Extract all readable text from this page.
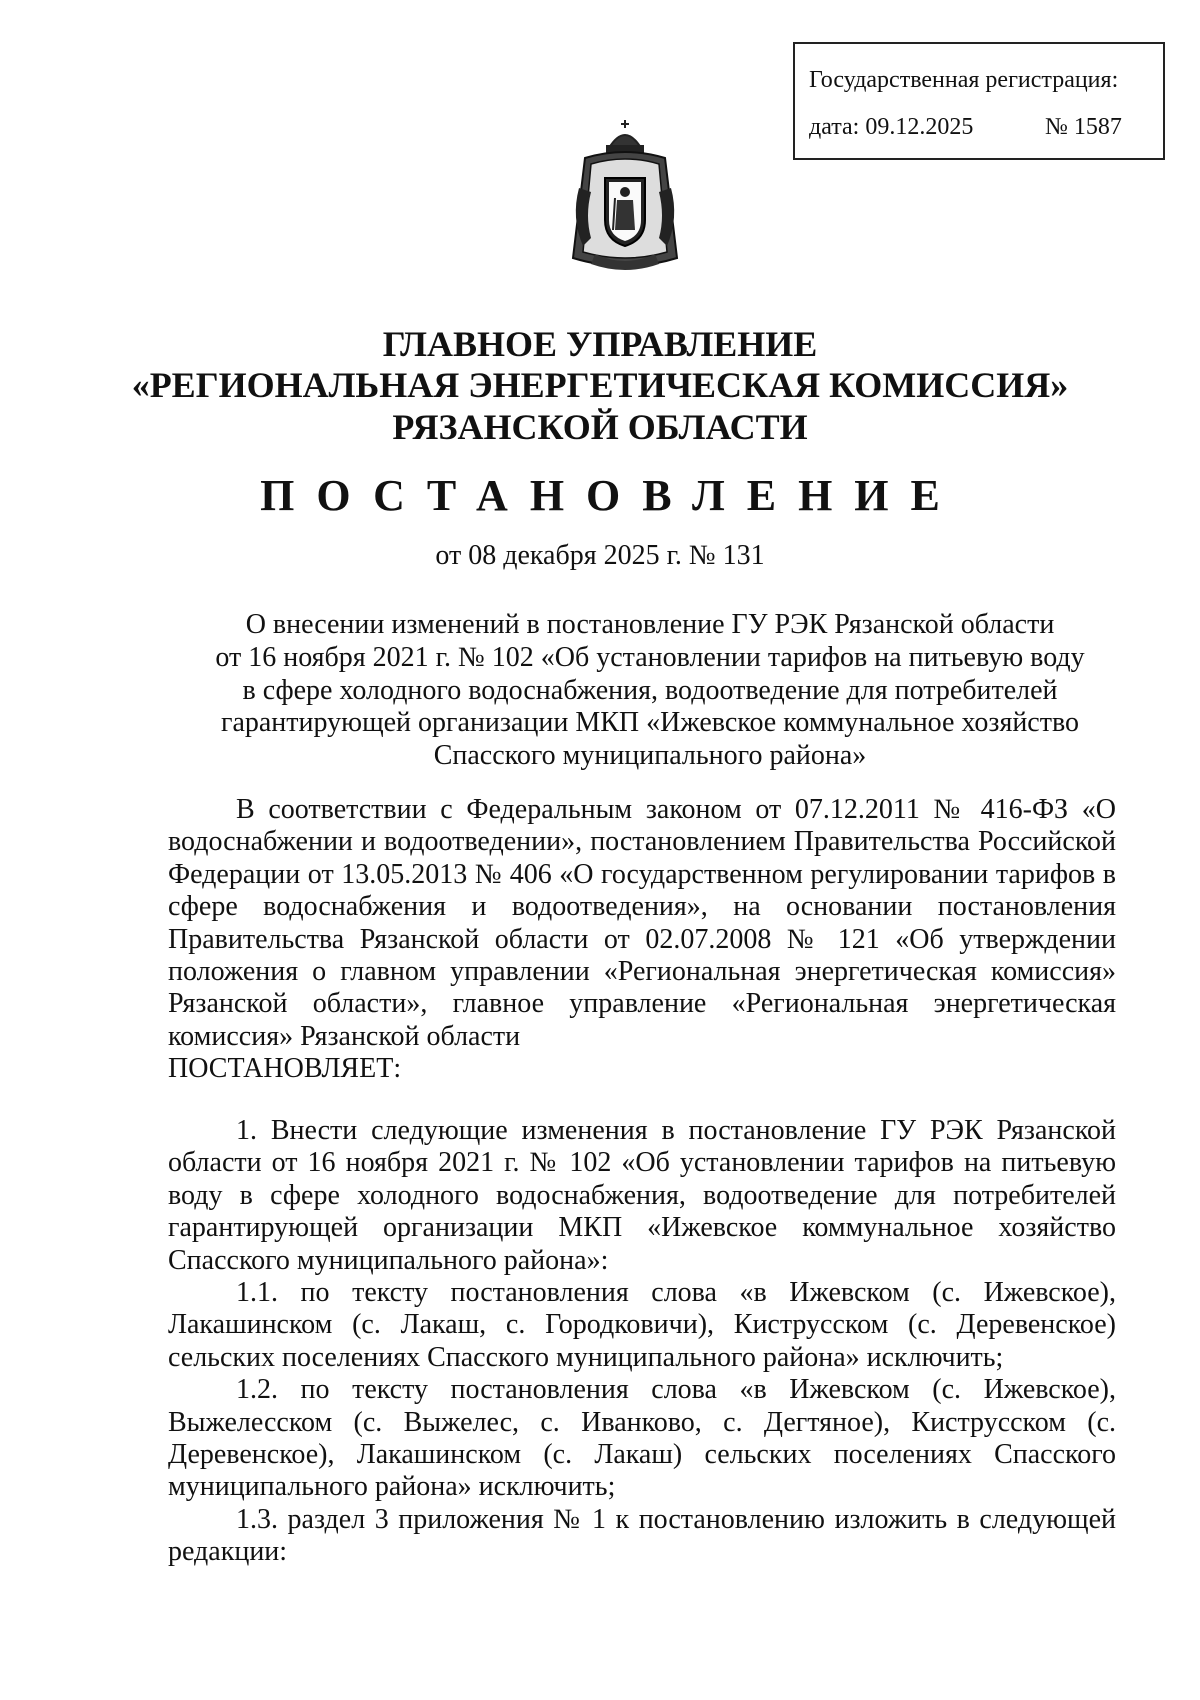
Государственная регистрация:
дата: 09.12.2025	№ 1587
ГЛАВНОЕ УПРАВЛЕНИЕ
«РЕГИОНАЛЬНАЯ ЭНЕРГЕТИЧЕСКАЯ КОМИССИЯ»
РЯЗАНСКОЙ ОБЛАСТИ
ПОСТАНОВЛЕНИЕ
от 08 декабря 2025 г. № 131
О внесении изменений в постановление ГУ РЭК Рязанской области
от 16 ноября 2021 г. № 102 «Об установлении тарифов на питьевую воду
в сфере холодного водоснабжения, водоотведение для потребителей
гарантирующей организации МКП «Ижевское коммунальное хозяйство
Спасского муниципального района»

В соответствии с Федеральным законом от 07.12.2011 № 416-ФЗ «О водоснабжении и водоотведении», постановлением Правительства Российской Федерации от 13.05.2013 № 406 «О государственном регулировании тарифов в сфере водоснабжения и водоотведения», на основании постановления Правительства Рязанской области от 02.07.2008 № 121 «Об утверждении положения о главном управлении «Региональная энергетическая комиссия» Рязанской области», главное управление «Региональная энергетическая комиссия» Рязанской области

ПОСТАНОВЛЯЕТ:

1. Внести следующие изменения в постановление ГУ РЭК Рязанской области от 16 ноября 2021 г. № 102 «Об установлении тарифов на питьевую воду в сфере холодного водоснабжения, водоотведение для потребителей гарантирующей организации МКП «Ижевское коммунальное хозяйство Спасского муниципального района»:

1.1. по тексту постановления слова «в Ижевском (с. Ижевское), Лакашинском (с. Лакаш, с. Городковичи), Киструсском (с. Деревенское) сельских поселениях Спасского муниципального района» исключить;

1.2. по тексту постановления слова «в Ижевском (с. Ижевское), Выжелесском (с. Выжелес, с. Иванково, с. Дегтяное), Киструсском (с. Деревенское), Лакашинском (с. Лакаш) сельских поселениях Спасского муниципального района» исключить;

1.3. раздел 3 приложения № 1 к постановлению изложить в следующей редакции:
